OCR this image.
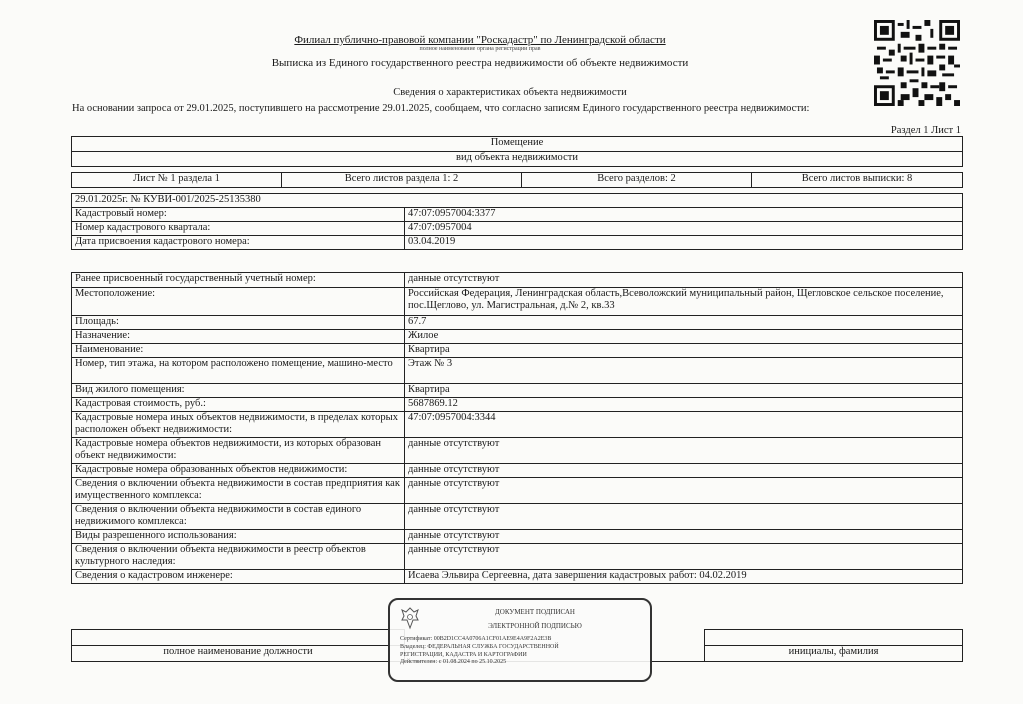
Филиал публично-правовой компании "Роскадастр" по Ленинградской области
полное наименование органа регистрации прав
Выписка из Единого государственного реестра недвижимости об объекте недвижимости
Сведения о характеристиках объекта недвижимости
На основании запроса от 29.01.2025, поступившего на рассмотрение 29.01.2025, сообщаем, что согласно записям Единого государственного реестра недвижимости:
Раздел 1 Лист 1
Помещение
вид объекта недвижимости
Лист № 1 раздела 1	Всего листов раздела 1: 2	Всего разделов: 2	Всего листов выписки: 8
29.01.2025г. № КУВИ-001/2025-25135380	
Кадастровый номер:	47:07:0957004:3377
Номер кадастрового квартала:	47:07:0957004
Дата присвоения кадастрового номера:	03.04.2019
Ранее присвоенный государственный учетный номер:	данные отсутствуют
Местоположение:	Российская Федерация, Ленинградская область,Всеволожский муниципальный район, Щегловское сельское поселение, пос.Щеглово, ул. Магистральная, д.№ 2, кв.33
Площадь:	67.7
Назначение:	Жилое
Наименование:	Квартира
Номер, тип этажа, на котором расположено помещение, машино-место	Этаж № 3
Вид жилого помещения:	Квартира
Кадастровая стоимость, руб.:	5687869.12
Кадастровые номера иных объектов недвижимости, в пределах которых расположен объект недвижимости:	47:07:0957004:3344
Кадастровые номера объектов недвижимости, из которых образован объект недвижимости:	данные отсутствуют
Кадастровые номера образованных объектов недвижимости:	данные отсутствуют
Сведения о включении объекта недвижимости в состав предприятия как имущественного комплекса:	данные отсутствуют
Сведения о включении объекта недвижимости в состав единого недвижимого комплекса:	данные отсутствуют
Виды разрешенного использования:	данные отсутствуют
Сведения о включении объекта недвижимости в реестр объектов культурного наследия:	данные отсутствуют
Сведения о кадастровом инженере:	Исаева Эльвира Сергеевна, дата завершения кадастровых работ: 04.02.2019

полное наименование должности		инициалы, фамилия
ДОКУМЕНТ ПОДПИСАН
ЭЛЕКТРОННОЙ ПОДПИСЬЮ
Сертификат: 00B2D1CC4A0706A1CF01AE9E4A9F2A2E3B
Владелец: ФЕДЕРАЛЬНАЯ СЛУЖБА ГОСУДАРСТВЕННОЙ
РЕГИСТРАЦИИ, КАДАСТРА И КАРТОГРАФИИ
Действителен: с 01.08.2024 по 25.10.2025
